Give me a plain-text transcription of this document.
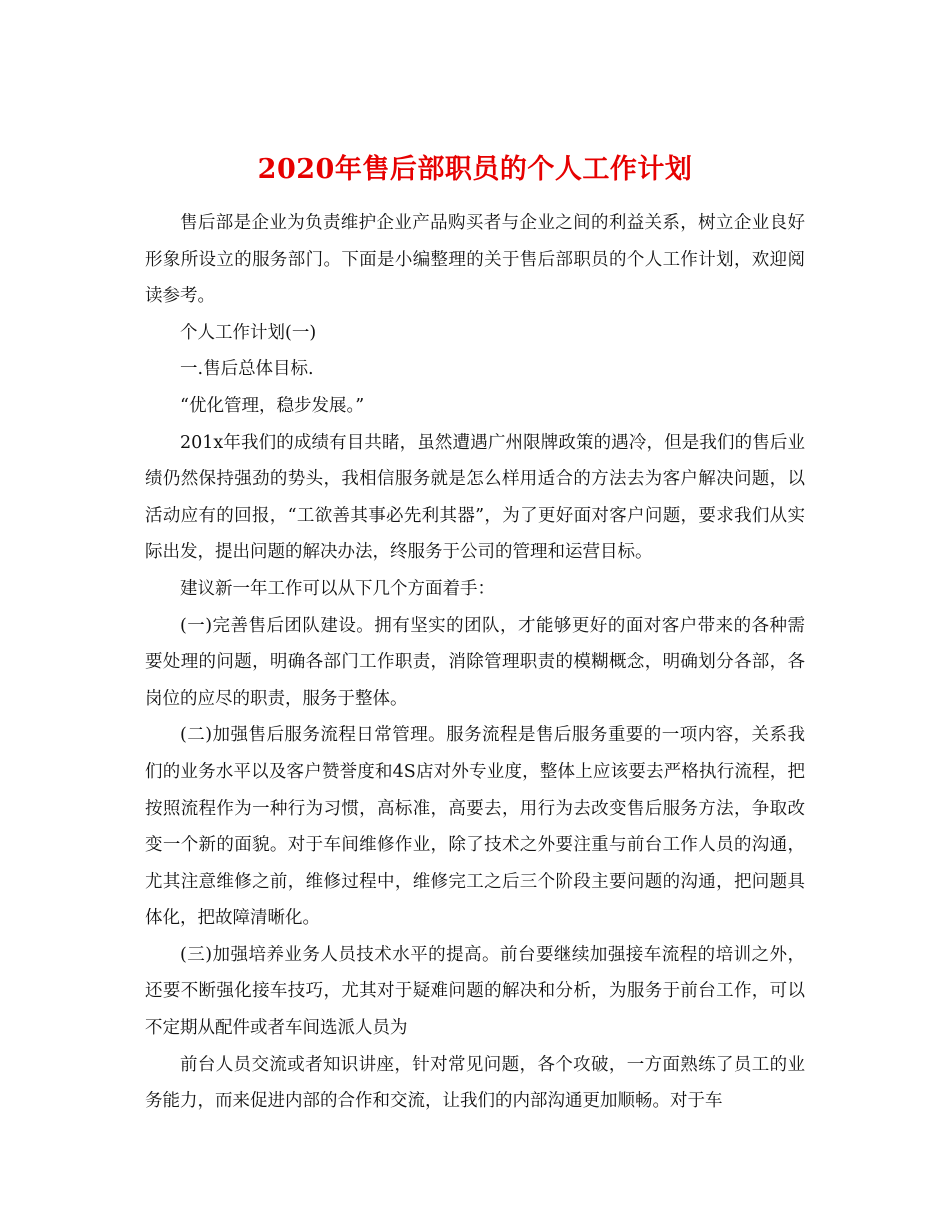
2020年售后部职员的个人工作计划

售后部是企业为负责维护企业产品购买者与企业之间的利益关系，树立企业良好形象所设立的服务部门。下面是小编整理的关于售后部职员的个人工作计划，欢迎阅读参考。

个人工作计划(一)

一.售后总体目标.

“优化管理，稳步发展。”

201x年我们的成绩有目共睹，虽然遭遇广州限牌政策的遇冷，但是我们的售后业绩仍然保持强劲的势头，我相信服务就是怎么样用适合的方法去为客户解决问题，以活动应有的回报，“工欲善其事必先利其器”，为了更好面对客户问题，要求我们从实际出发，提出问题的解决办法，终服务于公司的管理和运营目标。

建议新一年工作可以从下几个方面着手：

(一)完善售后团队建设。拥有坚实的团队，才能够更好的面对客户带来的各种需要处理的问题，明确各部门工作职责，消除管理职责的模糊概念，明确划分各部，各岗位的应尽的职责，服务于整体。

(二)加强售后服务流程日常管理。服务流程是售后服务重要的一项内容，关系我们的业务水平以及客户赞誉度和4S店对外专业度，整体上应该要去严格执行流程，把按照流程作为一种行为习惯，高标准，高要去，用行为去改变售后服务方法，争取改变一个新的面貌。对于车间维修作业，除了技术之外要注重与前台工作人员的沟通，尤其注意维修之前，维修过程中，维修完工之后三个阶段主要问题的沟通，把问题具体化，把故障清晰化。

(三)加强培养业务人员技术水平的提高。前台要继续加强接车流程的培训之外，还要不断强化接车技巧，尤其对于疑难问题的解决和分析，为服务于前台工作，可以不定期从配件或者车间选派人员为

前台人员交流或者知识讲座，针对常见问题，各个攻破，一方面熟练了员工的业务能力，而来促进内部的合作和交流，让我们的内部沟通更加顺畅。对于车
